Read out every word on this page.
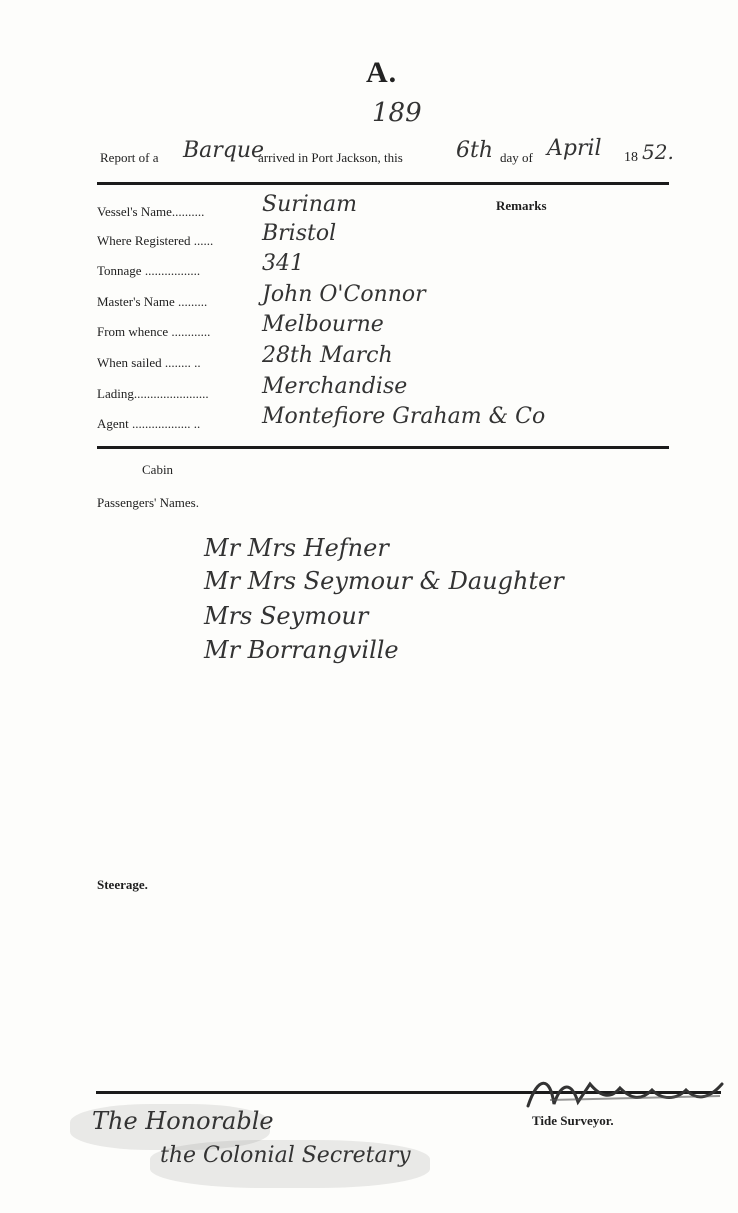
A.
189
Report of a Barque
arrived in Port Jackson, this 6th day of April 18 52.
Remarks
Vessel's Name..........	Surinam
Where Registered ...... Bristol
Tonnage .................	341
Master's Name ......... John O'Connor
From whence ............ Melbourne
When sailed ........ ..	28th March
Lading....................... Merchandise
Agent .................. ..	Montefiore Graham & Co
Cabin
Passengers' Names.
Mr Mrs Hefner
Mr Mrs Seymour & Daughter
Mrs Seymour
Mr Borrangville
Steerage.
Tide Surveyor.
The Honorable
the Colonial Secretary
